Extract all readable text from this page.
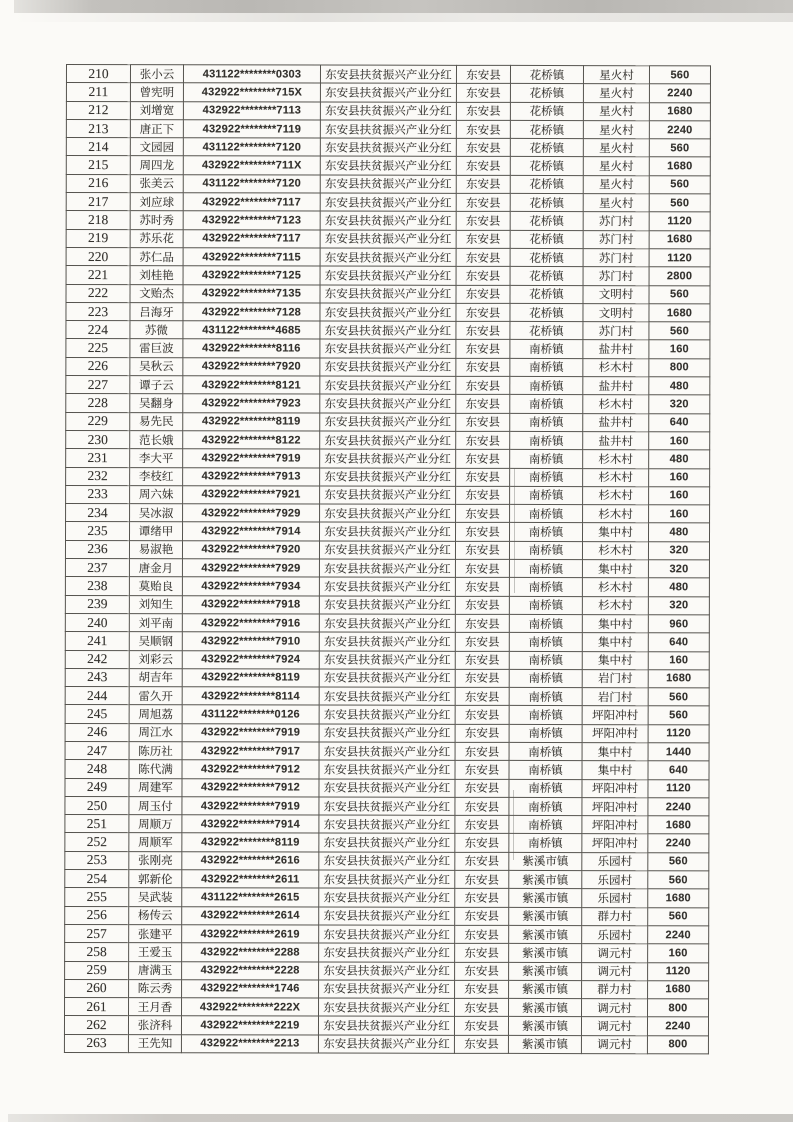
210	张小云	431122********0303	东安县扶贫振兴产业分红	东安县	花桥镇	星火村	560
211	曾宪明	432922********715X	东安县扶贫振兴产业分红	东安县	花桥镇	星火村	2240
212	刘增宽	432922********7113	东安县扶贫振兴产业分红	东安县	花桥镇	星火村	1680
213	唐正下	432922********7119	东安县扶贫振兴产业分红	东安县	花桥镇	星火村	2240
214	文园园	431122********7120	东安县扶贫振兴产业分红	东安县	花桥镇	星火村	560
215	周四龙	432922********711X	东安县扶贫振兴产业分红	东安县	花桥镇	星火村	1680
216	张美云	431122********7120	东安县扶贫振兴产业分红	东安县	花桥镇	星火村	560
217	刘应球	432922********7117	东安县扶贫振兴产业分红	东安县	花桥镇	星火村	560
218	苏时秀	432922********7123	东安县扶贫振兴产业分红	东安县	花桥镇	苏门村	1120
219	苏乐花	432922********7117	东安县扶贫振兴产业分红	东安县	花桥镇	苏门村	1680
220	苏仁品	432922********7115	东安县扶贫振兴产业分红	东安县	花桥镇	苏门村	1120
221	刘桂艳	432922********7125	东安县扶贫振兴产业分红	东安县	花桥镇	苏门村	2800
222	文贻杰	432922********7135	东安县扶贫振兴产业分红	东安县	花桥镇	文明村	560
223	吕海牙	432922********7128	东安县扶贫振兴产业分红	东安县	花桥镇	文明村	1680
224	苏微	431122********4685	东安县扶贫振兴产业分红	东安县	花桥镇	苏门村	560
225	雷巨波	432922********8116	东安县扶贫振兴产业分红	东安县	南桥镇	盐井村	160
226	吴秋云	432922********7920	东安县扶贫振兴产业分红	东安县	南桥镇	杉木村	800
227	谭子云	432922********8121	东安县扶贫振兴产业分红	东安县	南桥镇	盐井村	480
228	吴翻身	432922********7923	东安县扶贫振兴产业分红	东安县	南桥镇	杉木村	320
229	易先民	432922********8119	东安县扶贫振兴产业分红	东安县	南桥镇	盐井村	640
230	范长娥	432922********8122	东安县扶贫振兴产业分红	东安县	南桥镇	盐井村	160
231	李大平	432922********7919	东安县扶贫振兴产业分红	东安县	南桥镇	杉木村	480
232	李枝红	432922********7913	东安县扶贫振兴产业分红	东安县	南桥镇	杉木村	160
233	周六妹	432922********7921	东安县扶贫振兴产业分红	东安县	南桥镇	杉木村	160
234	吴冰淑	432922********7929	东安县扶贫振兴产业分红	东安县	南桥镇	杉木村	160
235	谭绪甲	432922********7914	东安县扶贫振兴产业分红	东安县	南桥镇	集中村	480
236	易淑艳	432922********7920	东安县扶贫振兴产业分红	东安县	南桥镇	杉木村	320
237	唐金月	432922********7929	东安县扶贫振兴产业分红	东安县	南桥镇	集中村	320
238	莫贻良	432922********7934	东安县扶贫振兴产业分红	东安县	南桥镇	杉木村	480
239	刘知生	432922********7918	东安县扶贫振兴产业分红	东安县	南桥镇	杉木村	320
240	刘平南	432922********7916	东安县扶贫振兴产业分红	东安县	南桥镇	集中村	960
241	吴顺钢	432922********7910	东安县扶贫振兴产业分红	东安县	南桥镇	集中村	640
242	刘彩云	432922********7924	东安县扶贫振兴产业分红	东安县	南桥镇	集中村	160
243	胡吉年	432922********8119	东安县扶贫振兴产业分红	东安县	南桥镇	岩门村	1680
244	雷久开	432922********8114	东安县扶贫振兴产业分红	东安县	南桥镇	岩门村	560
245	周旭荔	431122********0126	东安县扶贫振兴产业分红	东安县	南桥镇	坪阳冲村	560
246	周江水	432922********7919	东安县扶贫振兴产业分红	东安县	南桥镇	坪阳冲村	1120
247	陈历社	432922********7917	东安县扶贫振兴产业分红	东安县	南桥镇	集中村	1440
248	陈代满	432922********7912	东安县扶贫振兴产业分红	东安县	南桥镇	集中村	640
249	周建军	432922********7912	东安县扶贫振兴产业分红	东安县	南桥镇	坪阳冲村	1120
250	周玉付	432922********7919	东安县扶贫振兴产业分红	东安县	南桥镇	坪阳冲村	2240
251	周顺万	432922********7914	东安县扶贫振兴产业分红	东安县	南桥镇	坪阳冲村	1680
252	周顺军	432922********8119	东安县扶贫振兴产业分红	东安县	南桥镇	坪阳冲村	2240
253	张刚亮	432922********2616	东安县扶贫振兴产业分红	东安县	紫溪市镇	乐园村	560
254	郭新伦	432922********2611	东安县扶贫振兴产业分红	东安县	紫溪市镇	乐园村	560
255	吴武装	431122********2615	东安县扶贫振兴产业分红	东安县	紫溪市镇	乐园村	1680
256	杨传云	432922********2614	东安县扶贫振兴产业分红	东安县	紫溪市镇	群力村	560
257	张建平	432922********2619	东安县扶贫振兴产业分红	东安县	紫溪市镇	乐园村	2240
258	王爱玉	432922********2288	东安县扶贫振兴产业分红	东安县	紫溪市镇	调元村	160
259	唐满玉	432922********2228	东安县扶贫振兴产业分红	东安县	紫溪市镇	调元村	1120
260	陈云秀	432922********1746	东安县扶贫振兴产业分红	东安县	紫溪市镇	群力村	1680
261	王月香	432922********222X	东安县扶贫振兴产业分红	东安县	紫溪市镇	调元村	800
262	张济科	432922********2219	东安县扶贫振兴产业分红	东安县	紫溪市镇	调元村	2240
263	王先知	432922********2213	东安县扶贫振兴产业分红	东安县	紫溪市镇	调元村	800
